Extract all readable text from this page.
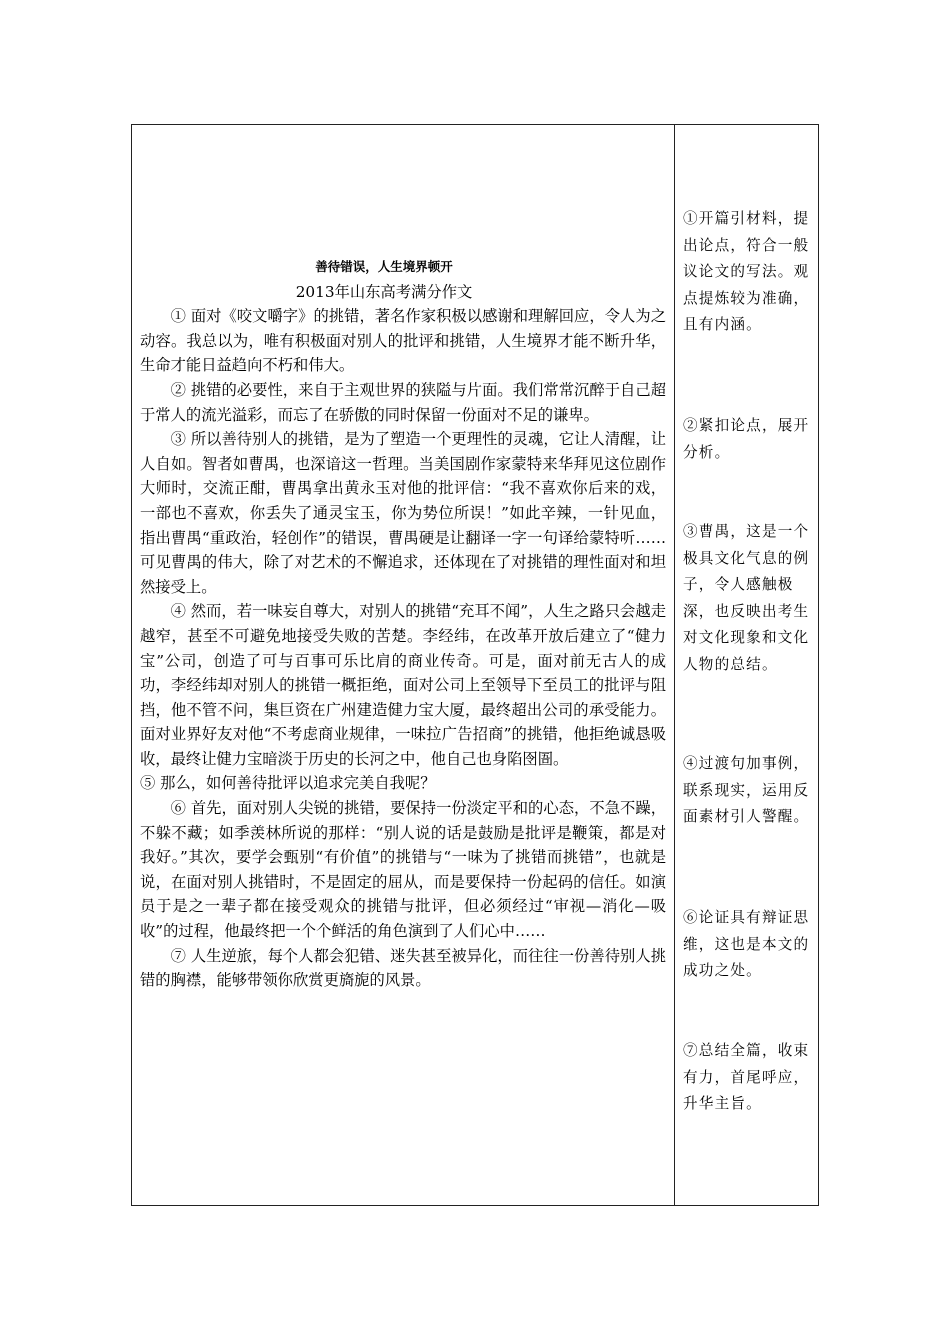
善待错误，人生境界顿开
2013年山东高考满分作文

① 面对《咬文嚼字》的挑错，著名作家积极以感谢和理解回应，令人为之动容。我总以为，唯有积极面对别人的批评和挑错，人生境界才能不断升华，生命才能日益趋向不朽和伟大。

② 挑错的必要性，来自于主观世界的狭隘与片面。我们常常沉醉于自己超于常人的流光溢彩，而忘了在骄傲的同时保留一份面对不足的谦卑。

③ 所以善待别人的挑错，是为了塑造一个更理性的灵魂，它让人清醒，让人自如。智者如曹禺，也深谙这一哲理。当美国剧作家蒙特来华拜见这位剧作大师时，交流正酣，曹禺拿出黄永玉对他的批评信：“我不喜欢你后来的戏，一部也不喜欢，你丢失了通灵宝玉，你为势位所误！”如此辛辣，一针见血，指出曹禺“重政治，轻创作”的错误，曹禺硬是让翻译一字一句译给蒙特听……可见曹禺的伟大，除了对艺术的不懈追求，还体现在了对挑错的理性面对和坦然接受上。

④ 然而，若一味妄自尊大，对别人的挑错“充耳不闻”，人生之路只会越走越窄，甚至不可避免地接受失败的苦楚。李经纬，在改革开放后建立了“健力宝”公司，创造了可与百事可乐比肩的商业传奇。可是，面对前无古人的成功，李经纬却对别人的挑错一概拒绝，面对公司上至领导下至员工的批评与阻挡，他不管不问，集巨资在广州建造健力宝大厦，最终超出公司的承受能力。面对业界好友对他“不考虑商业规律，一味拉广告招商”的挑错，他拒绝诚恳吸收，最终让健力宝暗淡于历史的长河之中，他自己也身陷囹圄。

⑤ 那么，如何善待批评以追求完美自我呢？

⑥ 首先，面对别人尖锐的挑错，要保持一份淡定平和的心态，不急不躁，不躲不藏；如季羡林所说的那样：“别人说的话是鼓励是批评是鞭策，都是对我好。”其次，要学会甄别“有价值”的挑错与“一味为了挑错而挑错”，也就是说，在面对别人挑错时，不是固定的屈从，而是要保持一份起码的信任。如演员于是之一辈子都在接受观众的挑错与批评，但必须经过“审视—消化—吸收”的过程，他最终把一个个鲜活的角色演到了人们心中……

⑦ 人生逆旅，每个人都会犯错、迷失甚至被异化，而往往一份善待别人挑错的胸襟，能够带领你欣赏更旖旎的风景。

①开篇引材料，提出论点，符合一般议论文的写法。观点提炼较为准确，且有内涵。
②紧扣论点，展开分析。
③曹禺，这是一个极具文化气息的例子，令人感触极深，也反映出考生对文化现象和文化人物的总结。
④过渡句加事例，联系现实，运用反面素材引人警醒。
⑥论证具有辩证思维，这也是本文的成功之处。
⑦总结全篇，收束有力，首尾呼应，升华主旨。
